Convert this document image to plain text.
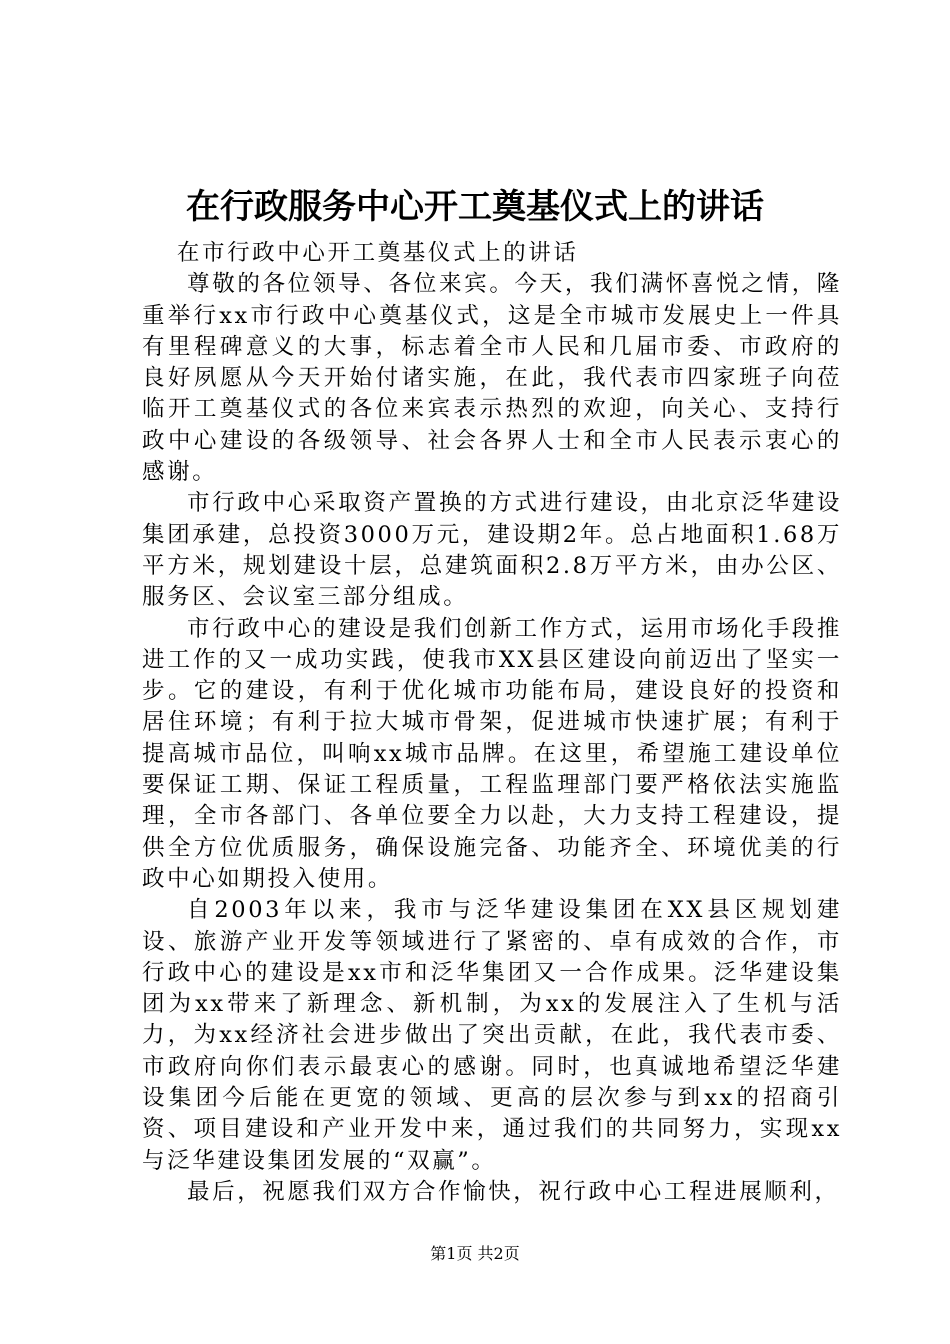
在行政服务中心开工奠基仪式上的讲话

在市行政中心开工奠基仪式上的讲话

尊敬的各位领导、各位来宾。今天，我们满怀喜悦之情，隆重举行xx市行政中心奠基仪式，这是全市城市发展史上一件具有里程碑意义的大事，标志着全市人民和几届市委、市政府的良好夙愿从今天开始付诸实施，在此，我代表市四家班子向莅临开工奠基仪式的各位来宾表示热烈的欢迎，向关心、支持行政中心建设的各级领导、社会各界人士和全市人民表示衷心的感谢。

市行政中心采取资产置换的方式进行建设，由北京泛华建设集团承建，总投资3000万元，建设期2年。总占地面积1.68万平方米，规划建设十层，总建筑面积2.8万平方米，由办公区、服务区、会议室三部分组成。

市行政中心的建设是我们创新工作方式，运用市场化手段推进工作的又一成功实践，使我市XX县区建设向前迈出了坚实一步。它的建设，有利于优化城市功能布局，建设良好的投资和居住环境；有利于拉大城市骨架，促进城市快速扩展；有利于提高城市品位，叫响xx城市品牌。在这里，希望施工建设单位要保证工期、保证工程质量，工程监理部门要严格依法实施监理，全市各部门、各单位要全力以赴，大力支持工程建设，提供全方位优质服务，确保设施完备、功能齐全、环境优美的行政中心如期投入使用。

自2003年以来，我市与泛华建设集团在XX县区规划建设、旅游产业开发等领域进行了紧密的、卓有成效的合作，市行政中心的建设是xx市和泛华集团又一合作成果。泛华建设集团为xx带来了新理念、新机制，为xx的发展注入了生机与活力，为xx经济社会进步做出了突出贡献，在此，我代表市委、市政府向你们表示最衷心的感谢。同时，也真诚地希望泛华建设集团今后能在更宽的领域、更高的层次参与到xx的招商引资、项目建设和产业开发中来，通过我们的共同努力，实现xx与泛华建设集团发展的“双赢”。

最后，祝愿我们双方合作愉快，祝行政中心工程进展顺利，

第1页 共2页
